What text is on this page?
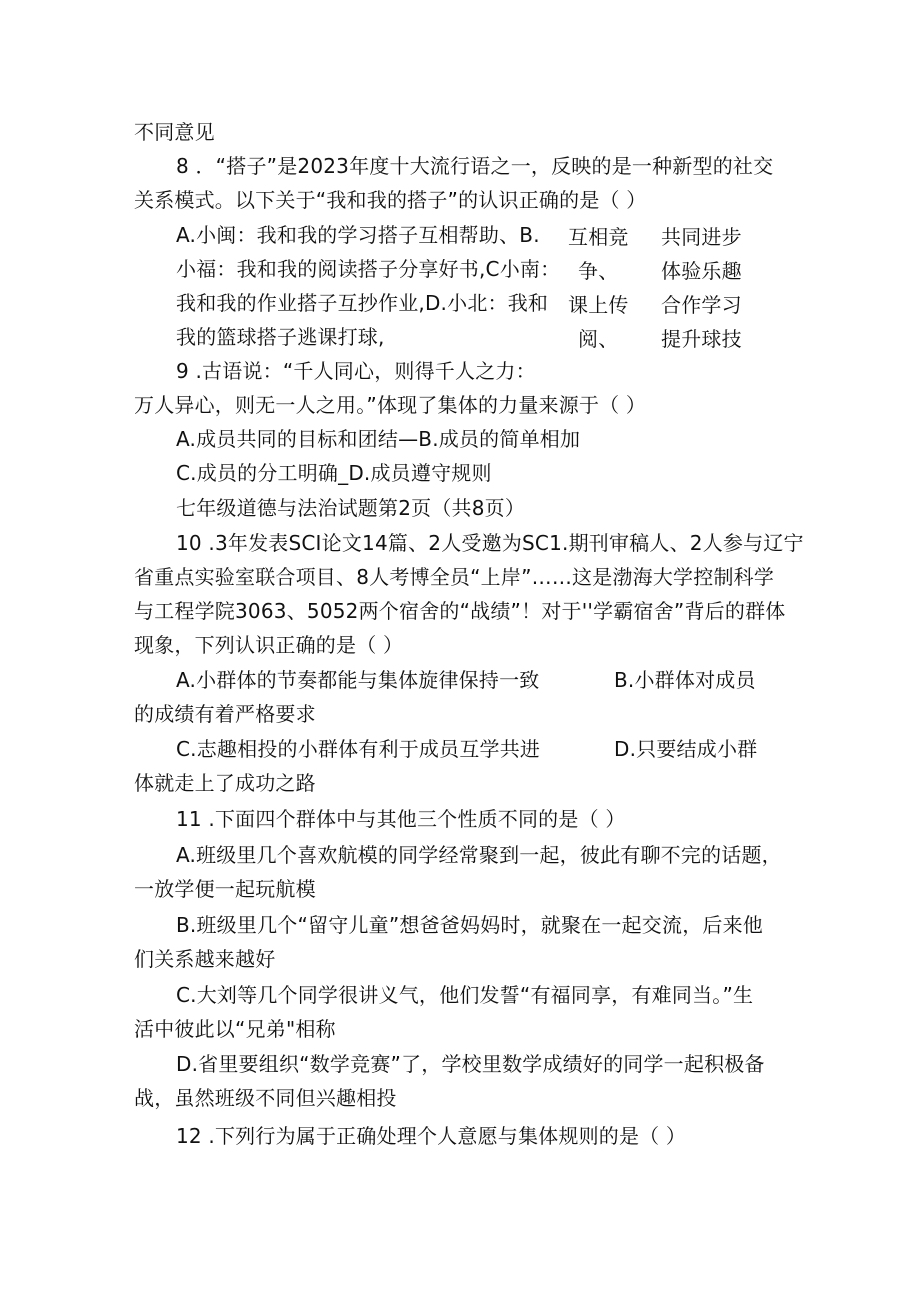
不同意见
8 ．“搭子”是2023年度十大流行语之一，反映的是一种新型的社交
关系模式。以下关于“我和我的搭子”的认识正确的是（ ）
A.小闽：我和我的学习搭子互相帮助、B.
小福：我和我的阅读搭子分享好书,C小南：
我和我的作业搭子互抄作业,D.小北：我和
我的篮球搭子逃课打球,
互相竞
争、
课上传
阅、
共同进步
体验乐趣
合作学习
提升球技
9 .古语说：“千人同心，则得千人之力：
万人异心，则无一人之用。”体现了集体的力量来源于（ ）
A.成员共同的目标和团结—B.成员的简单相加
C.成员的分工明确_D.成员遵守规则
七年级道德与法治试题第2页（共8页）
10 .3年发表SCI论文14篇、2人受邀为SC1.期刊审稿人、2人参与辽宁
省重点实验室联合项目、8人考博全员“上岸”……这是渤海大学控制科学
与工程学院3063、5052两个宿舍的“战绩”！对于''学霸宿舍”背后的群体
现象，下列认识正确的是（ ）
A.小群体的节奏都能与集体旋律保持一致	B.小群体对成员
的成绩有着严格要求
C.志趣相投的小群体有利于成员互学共进	D.只要结成小群
体就走上了成功之路
11 .下面四个群体中与其他三个性质不同的是（ ）
A.班级里几个喜欢航模的同学经常聚到一起，彼此有聊不完的话题，
一放学便一起玩航模
B.班级里几个“留守儿童”想爸爸妈妈时，就聚在一起交流，后来他
们关系越来越好
C.大刘等几个同学很讲义气，他们发誓“有福同享，有难同当。”生
活中彼此以“兄弟"相称
D.省里要组织“数学竞赛”了，学校里数学成绩好的同学一起积极备
战，虽然班级不同但兴趣相投
12 .下列行为属于正确处理个人意愿与集体规则的是（ ）
